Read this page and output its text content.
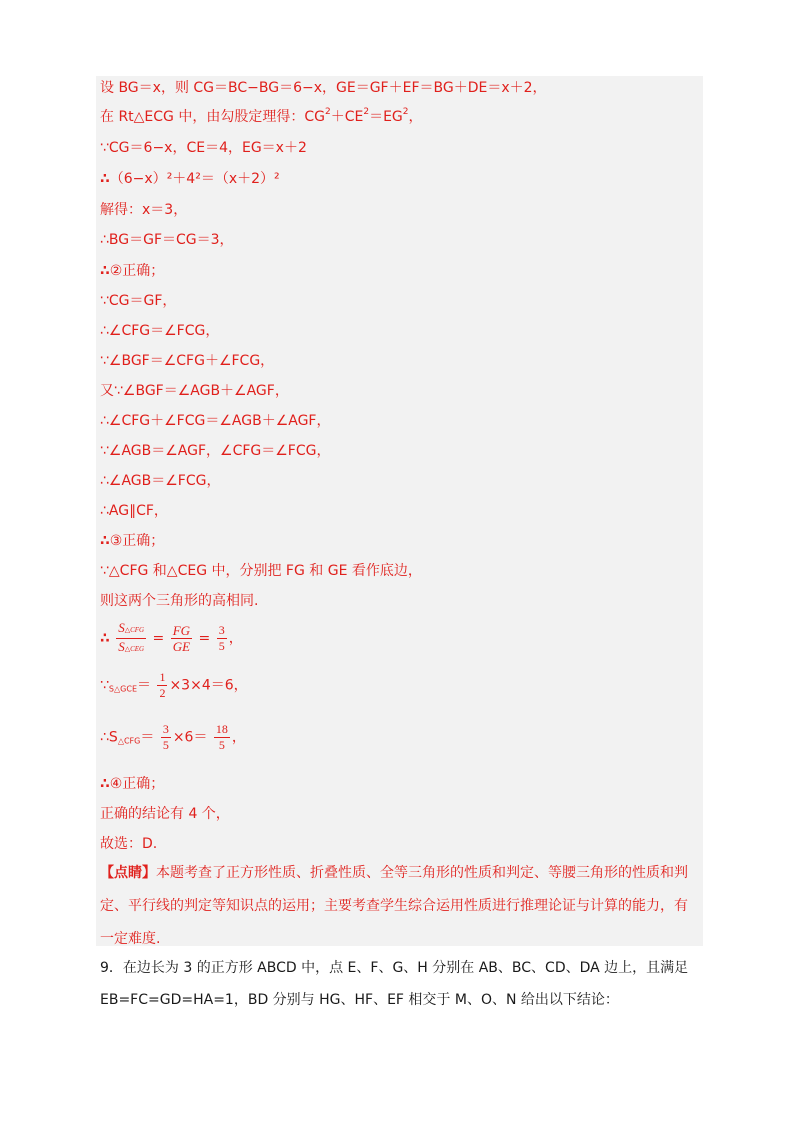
设 BG＝x，则 CG＝BC−BG＝6−x，GE＝GF＋EF＝BG＋DE＝x＋2，
在 Rt△ECG 中，由勾股定理得：$CG^2+CE^2=EG^2$，
∵CG＝6−x，CE＝4，EG＝x＋2
∴（6−x）²＋4²＝（x＋2）²
解得：x＝3，
∴BG＝GF＝CG＝3，
∴②正确；
∵CG＝GF，
∴∠CFG＝∠FCG，
∵∠BGF＝∠CFG＋∠FCG，
又∵∠BGF＝∠AGB＋∠AGF，
∴∠CFG＋∠FCG＝∠AGB＋∠AGF，
∵∠AGB＝∠AGF，∠CFG＝∠FCG，
∴∠AGB＝∠FCG，
∴AG∥CF，
∴③正确；
∵△CFG 和△CEG 中，分别把 FG 和 GE 看作底边，
则这两个三角形的高相同.
∴ $\frac{\text{S△CFG}}{\text{S△CEG}} = \frac{FG}{GE} = \frac{3}{5}$ ，
$\because_{S\triangle GCE}= \frac{1}{2} \times 3\times 4=6$，
$\therefore S_{\triangle CFG}= \frac{3}{5} \times 6= \frac{18}{5}$ ，
∴④正确；
正确的结论有 4 个，
故选：D.
【点睛】本题考查了正方形性质、折叠性质、全等三角形的性质和判定、等腰三角形的性质和判定、平行线的判定等知识点的运用；主要考查学生综合运用性质进行推理论证与计算的能力，有一定难度.
9．在边长为 3 的正方形 ABCD 中，点 E、F、G、H 分别在 AB、BC、CD、DA 边上，且满足
EB=FC=GD=HA=1，BD 分别与 HG、HF、EF 相交于 M、O、N 给出以下结论：
